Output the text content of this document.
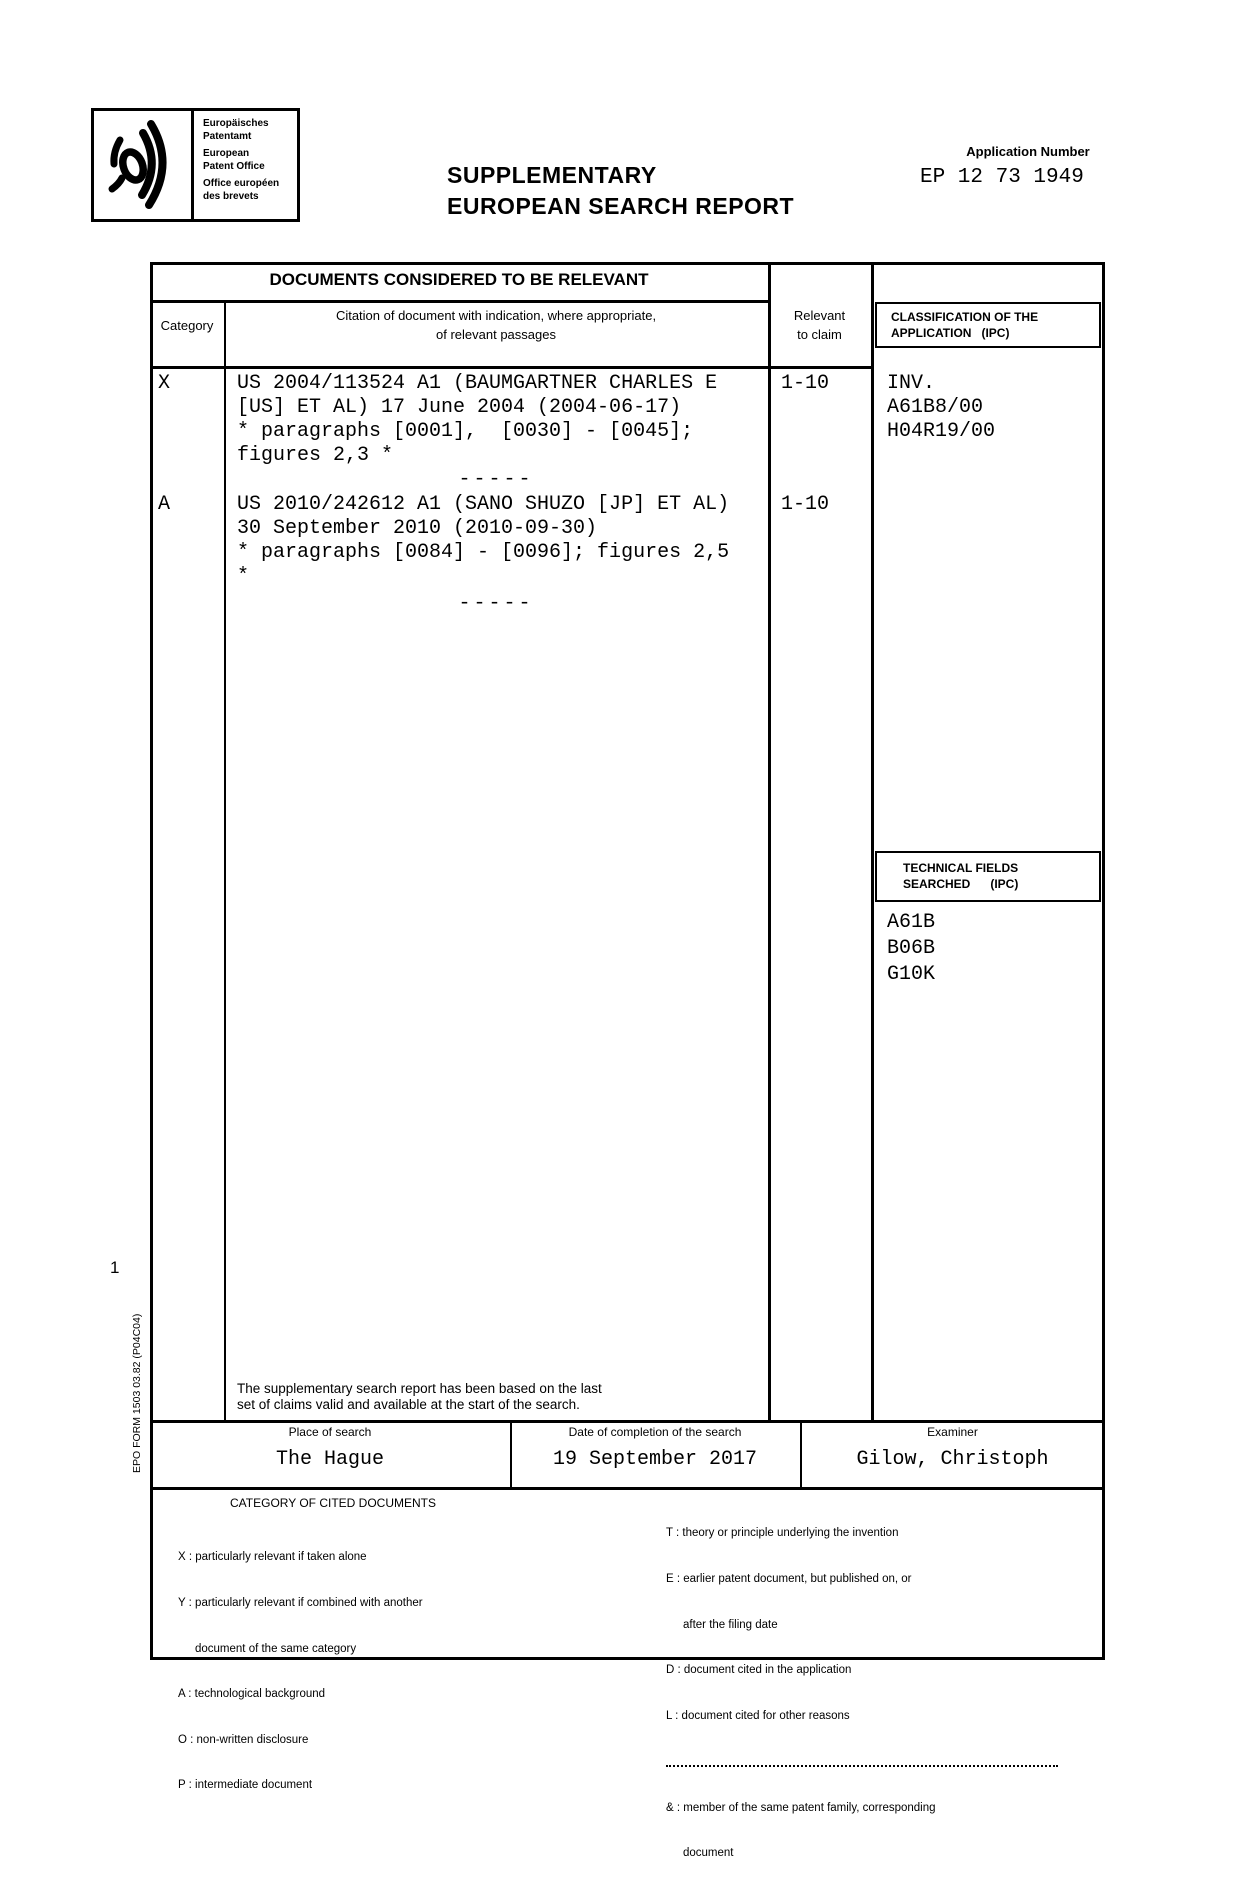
Europäisches
Patentamt
European
Patent Office
Office européen
des brevets
SUPPLEMENTARY
EUROPEAN SEARCH REPORT
Application Number
EP 12 73 1949
DOCUMENTS CONSIDERED TO BE RELEVANT
Category
Citation of document with indication, where appropriate,
of relevant passages
Relevant
to claim
CLASSIFICATION OF THE
APPLICATION   (IPC)
X	US 2004/113524 A1 (BAUMGARTNER CHARLES E
[US] ET AL) 17 June 2004 (2004-06-17)
* paragraphs [0001],  [0030] - [0045];
figures 2,3 *
1-10
-----
A	US 2010/242612 A1 (SANO SHUZO [JP] ET AL)
30 September 2010 (2010-09-30)
* paragraphs [0084] - [0096]; figures 2,5
*
1-10
-----
INV.
A61B8/00
H04R19/00
TECHNICAL FIELDS
SEARCHED      (IPC)
A61B
B06B
G10K
The supplementary search report has been based on the last
set of claims valid and available at the start of the search.
Place of search
The Hague
Date of completion of the search
19 September 2017
Examiner
Gilow, Christoph
CATEGORY OF CITED DOCUMENTS

X : particularly relevant if taken alone

Y : particularly relevant if combined with another

document of the same category

A : technological background

O : non-written disclosure

P : intermediate document

T : theory or principle underlying the invention

E : earlier patent document, but published on, or

after the filing date

D : document cited in the application

L : document cited for other reasons

& : member of the same patent family, corresponding

document

1
EPO FORM 1503 03.82 (P04C04)
